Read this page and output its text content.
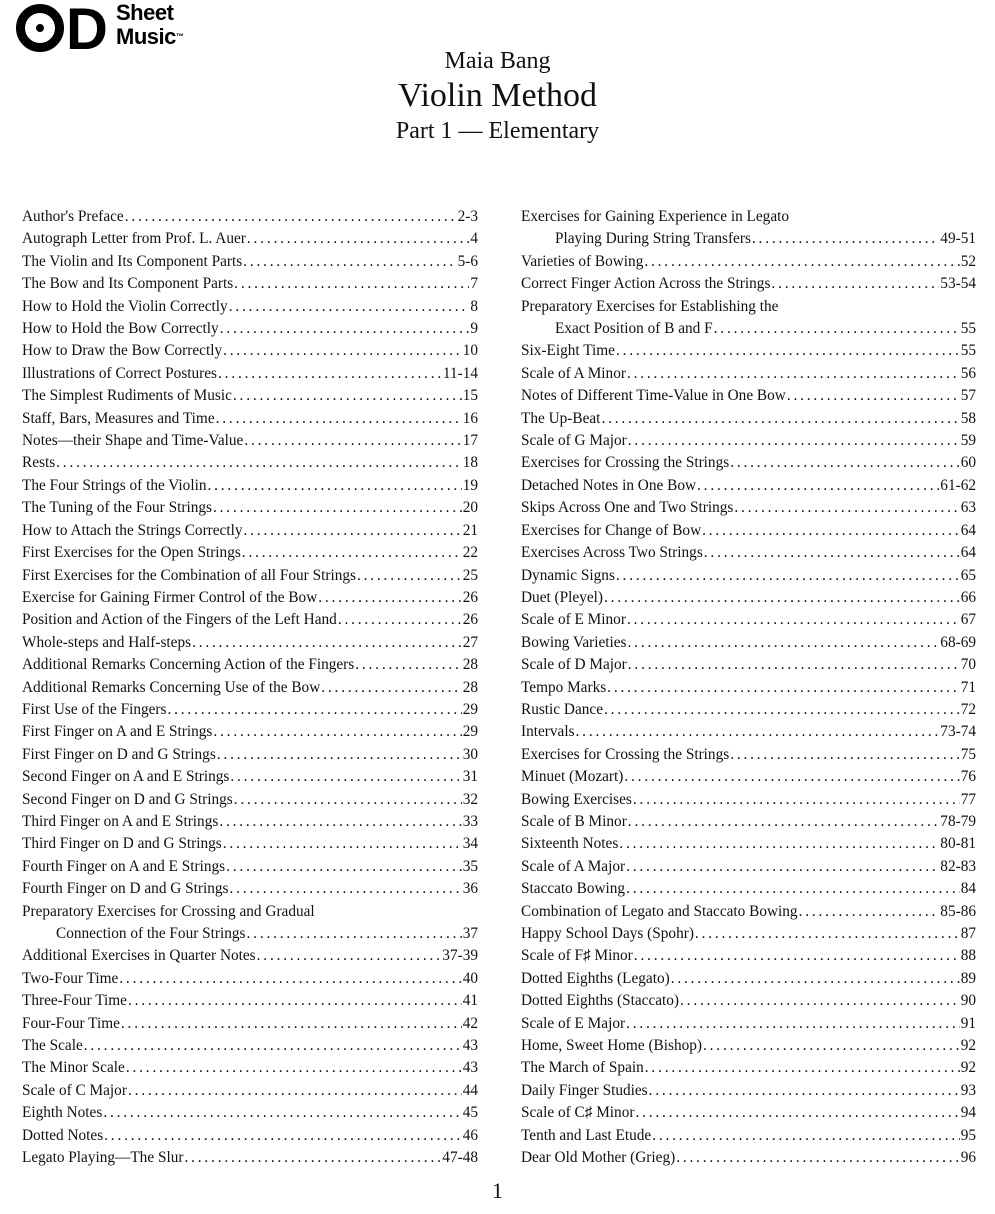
D Sheet
Music™
Maia Bang
Violin Method
Part 1 — Elementary
Author's Preface . . .	2-3
Autograph Letter from Prof. L. Auer . . .	4
The Violin and Its Component Parts . . .	5-6
The Bow and Its Component Parts . . .	7
How to Hold the Violin Correctly . . .	8
How to Hold the Bow Correctly . . .	9
How to Draw the Bow Correctly . . .	10
Illustrations of Correct Postures . . .	11-14
The Simplest Rudiments of Music . . .	15
Staff, Bars, Measures and Time . . .	16
Notes—their Shape and Time-Value . . .	17
Rests . . .	18
The Four Strings of the Violin . . .	19
The Tuning of the Four Strings . . .	20
How to Attach the Strings Correctly . . .	21
First Exercises for the Open Strings . . .	22
First Exercises for the Combination of all Four Strings . . .	25
Exercise for Gaining Firmer Control of the Bow . . .	26
Position and Action of the Fingers of the Left Hand . . .	26
Whole-steps and Half-steps . . .	27
Additional Remarks Concerning Action of the Fingers . . .	28
Additional Remarks Concerning Use of the Bow . . .	28
First Use of the Fingers . . .	29
First Finger on A and E Strings . . .	29
First Finger on D and G Strings . . .	30
Second Finger on A and E Strings . . .	31
Second Finger on D and G Strings . . .	32
Third Finger on A and E Strings . . .	33
Third Finger on D and G Strings . . .	34
Fourth Finger on A and E Strings . . .	35
Fourth Finger on D and G Strings . . .	36
Preparatory Exercises for Crossing and Gradual
Connection of the Four Strings . . .	37
Additional Exercises in Quarter Notes . . .	37-39
Two-Four Time . . .	40
Three-Four Time . . .	41
Four-Four Time . . .	42
The Scale . . .	43
The Minor Scale . . .	43
Scale of C Major . . .	44
Eighth Notes . . .	45
Dotted Notes . . .	46
Legato Playing—The Slur . . .	47-48
Exercises for Gaining Experience in Legato
Playing During String Transfers . . .	49-51
Varieties of Bowing . . .	52
Correct Finger Action Across the Strings . . .	53-54
Preparatory Exercises for Establishing the
Exact Position of B and F . . .	55
Six-Eight Time . . .	55
Scale of A Minor . . .	56
Notes of Different Time-Value in One Bow . . .	57
The Up-Beat . . .	58
Scale of G Major . . .	59
Exercises for Crossing the Strings . . .	60
Detached Notes in One Bow . . .	61-62
Skips Across One and Two Strings . . .	63
Exercises for Change of Bow . . .	64
Exercises Across Two Strings . . .	64
Dynamic Signs . . .	65
Duet (Pleyel) . . .	66
Scale of E Minor . . .	67
Bowing Varieties . . .	68-69
Scale of D Major . . .	70
Tempo Marks . . .	71
Rustic Dance . . .	72
Intervals . . .	73-74
Exercises for Crossing the Strings . . .	75
Minuet (Mozart) . . .	76
Bowing Exercises . . .	77
Scale of B Minor . . .	78-79
Sixteenth Notes . . .	80-81
Scale of A Major . . .	82-83
Staccato Bowing . . .	84
Combination of Legato and Staccato Bowing . . .	85-86
Happy School Days (Spohr) . . .	87
Scale of F♯ Minor . . .	88
Dotted Eighths (Legato) . . .	89
Dotted Eighths (Staccato) . . .	90
Scale of E Major . . .	91
Home, Sweet Home (Bishop) . . .	92
The March of Spain . . .	92
Daily Finger Studies . . .	93
Scale of C♯ Minor . . .	94
Tenth and Last Etude . . .	95
Dear Old Mother (Grieg) . . .	96
1
